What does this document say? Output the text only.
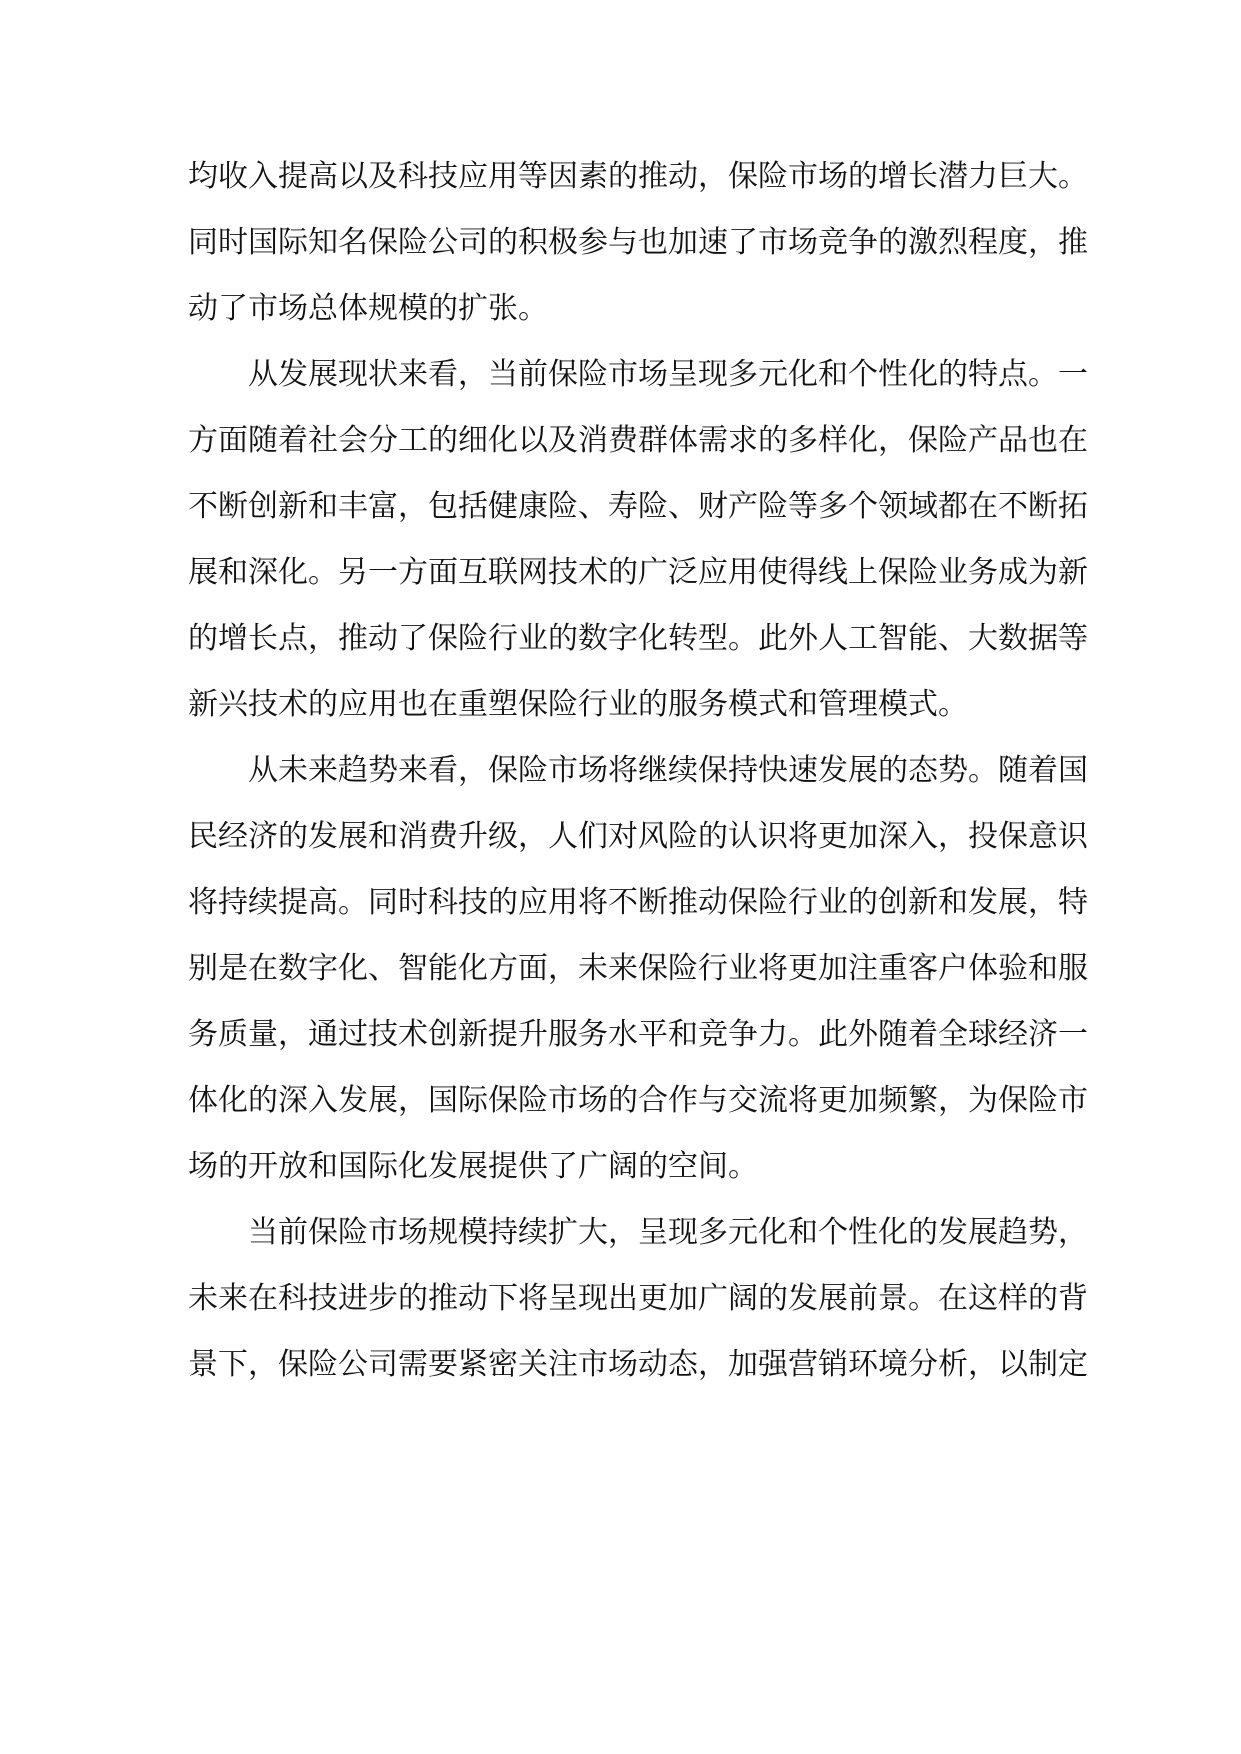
均收入提高以及科技应用等因素的推动，保险市场的增长潜力巨大。
同时国际知名保险公司的积极参与也加速了市场竞争的激烈程度，推
动了市场总体规模的扩张。
从发展现状来看，当前保险市场呈现多元化和个性化的特点。一
方面随着社会分工的细化以及消费群体需求的多样化，保险产品也在
不断创新和丰富，包括健康险、寿险、财产险等多个领域都在不断拓
展和深化。另一方面互联网技术的广泛应用使得线上保险业务成为新
的增长点，推动了保险行业的数字化转型。此外人工智能、大数据等
新兴技术的应用也在重塑保险行业的服务模式和管理模式。
从未来趋势来看，保险市场将继续保持快速发展的态势。随着国
民经济的发展和消费升级，人们对风险的认识将更加深入，投保意识
将持续提高。同时科技的应用将不断推动保险行业的创新和发展，特
别是在数字化、智能化方面，未来保险行业将更加注重客户体验和服
务质量，通过技术创新提升服务水平和竞争力。此外随着全球经济一
体化的深入发展，国际保险市场的合作与交流将更加频繁，为保险市
场的开放和国际化发展提供了广阔的空间。
当前保险市场规模持续扩大，呈现多元化和个性化的发展趋势，
未来在科技进步的推动下将呈现出更加广阔的发展前景。在这样的背
景下，保险公司需要紧密关注市场动态，加强营销环境分析，以制定
